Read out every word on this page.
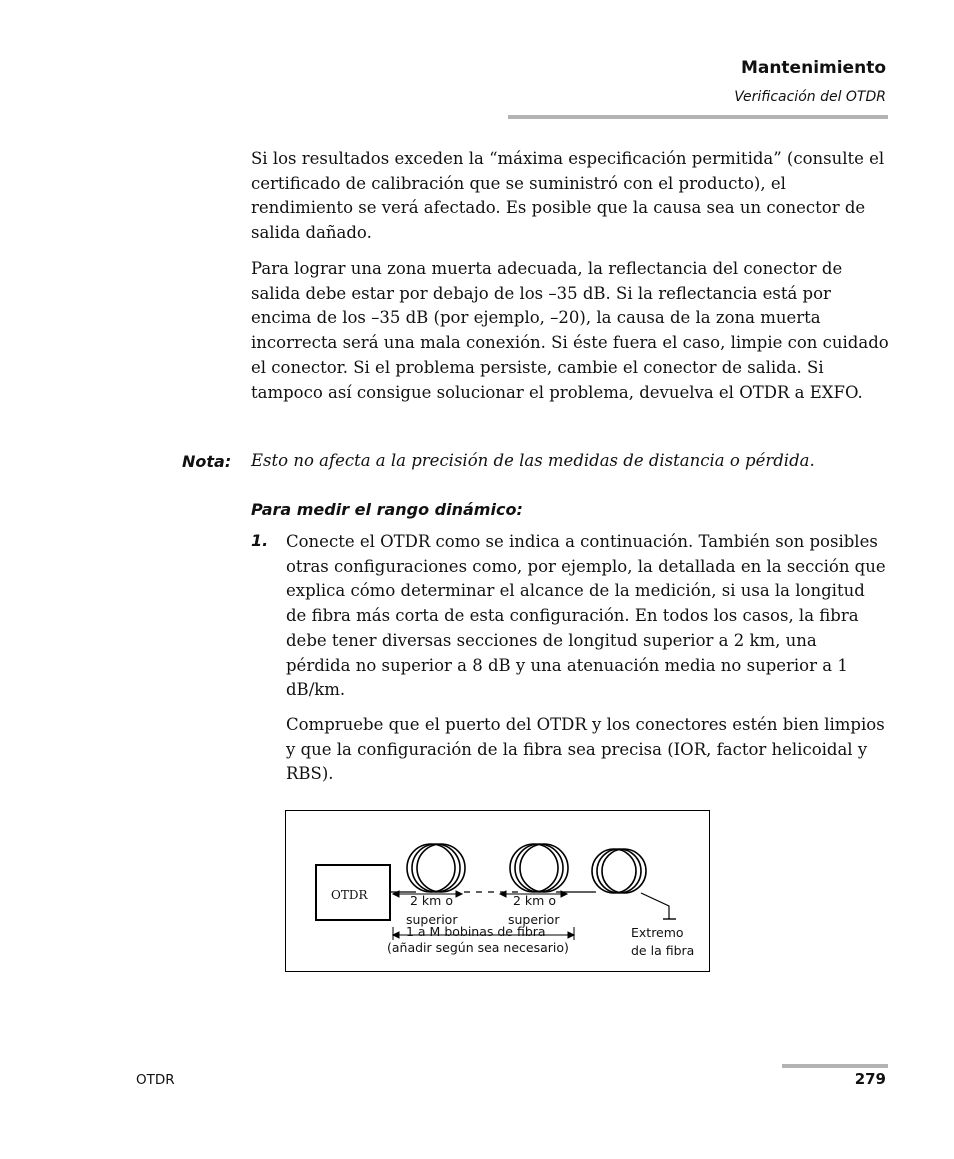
Mantenimiento
Verificación del OTDR

Si los resultados exceden la “máxima especificación permitida” (consulte el certificado de calibración que se suministró con el producto), el rendimiento se verá afectado. Es posible que la causa sea un conector de salida dañado.

Para lograr una zona muerta adecuada, la reflectancia del conector de salida debe estar por debajo de los –35 dB. Si la reflectancia está por encima de los –35 dB (por ejemplo, –20), la causa de la zona muerta incorrecta será una mala conexión. Si éste fuera el caso, limpie con cuidado el conector. Si el problema persiste, cambie el conector de salida. Si tampoco así consigue solucionar el problema, devuelva el OTDR a EXFO.

Nota: Esto no afecta a la precisión de las medidas de distancia o pérdida.
Para medir el rango dinámico:
1. Conecte el OTDR como se indica a continuación. También son posibles otras configuraciones como, por ejemplo, la detallada en la sección que explica cómo determinar el alcance de la medición, si usa la longitud de fibra más corta de esta configuración. En todos los casos, la fibra debe tener diversas secciones de longitud superior a 2 km, una pérdida no superior a 8 dB y una atenuación media no superior a 1 dB/km.

Compruebe que el puerto del OTDR y los conectores estén bien limpios y que la configuración de la fibra sea precisa (IOR, factor helicoidal y RBS).

OTDR	2 km o
superior
2 km o
superior
1 a M bobinas de fibra
(añadir según sea necesario)
Extremo
de la fibra
OTDR	279
